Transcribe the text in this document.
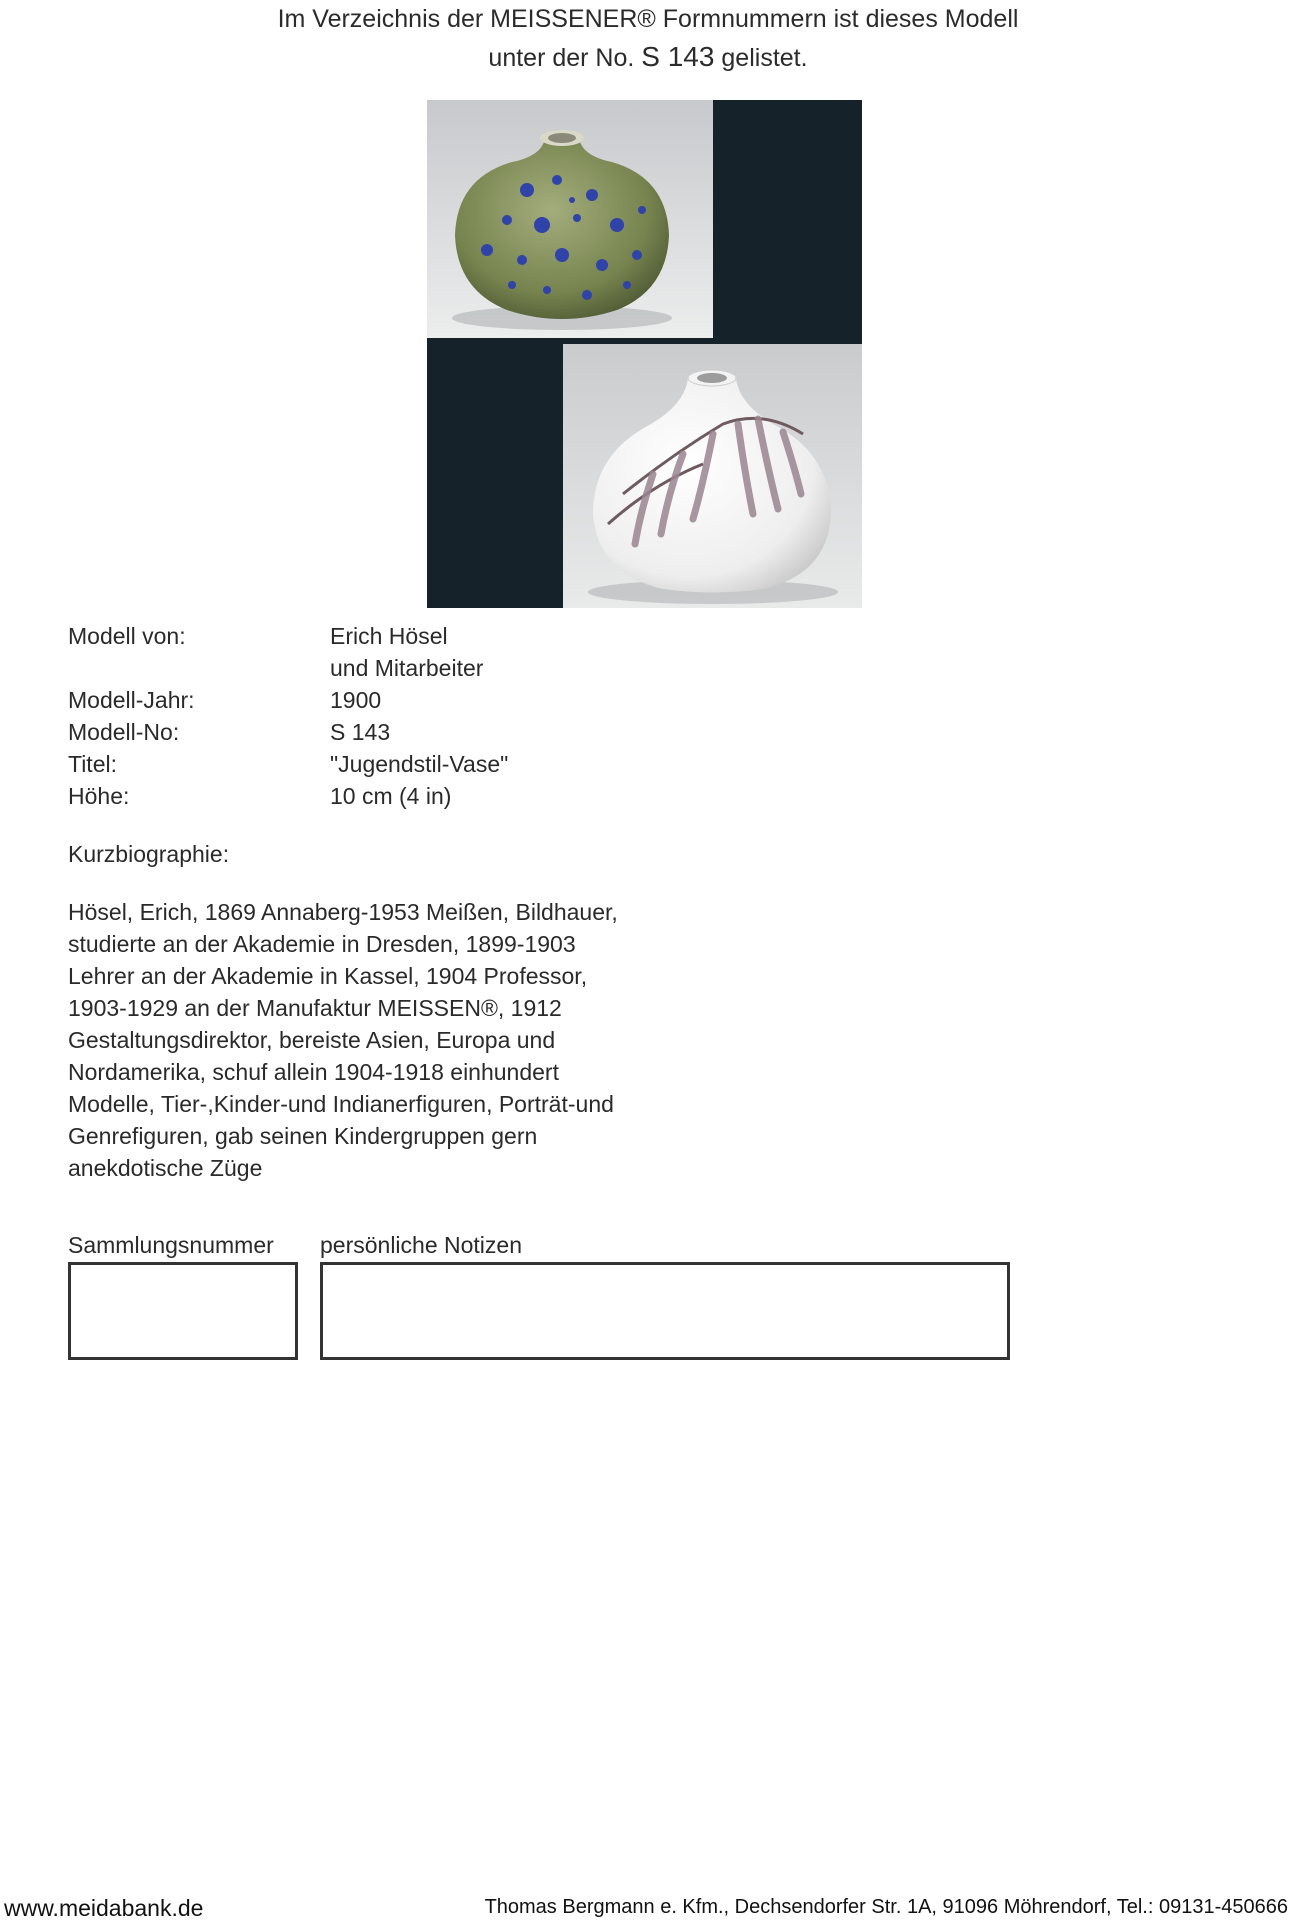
Im Verzeichnis der MEISSENER® Formnummern ist dieses Modell
unter der No. S 143 gelistet.
Modell von:	Erich Hösel
und Mitarbeiter
Modell-Jahr:	1900
Modell-No:	S 143
Titel:	"Jugendstil-Vase"
Höhe:	10 cm (4 in)
Kurzbiographie:
Hösel, Erich, 1869 Annaberg-1953 Meißen, Bildhauer,
studierte an der Akademie in Dresden, 1899-1903
Lehrer an der Akademie in Kassel, 1904 Professor,
1903-1929 an der Manufaktur MEISSEN®, 1912
Gestaltungsdirektor, bereiste Asien, Europa und
Nordamerika, schuf allein 1904-1918 einhundert
Modelle, Tier-,Kinder-und Indianerfiguren, Porträt-und
Genrefiguren, gab seinen Kindergruppen gern
anekdotische Züge
Sammlungsnummer persönliche Notizen
www.meidabank.de	Thomas Bergmann e. Kfm., Dechsendorfer Str. 1A, 91096 Möhrendorf, Tel.: 09131-450666
